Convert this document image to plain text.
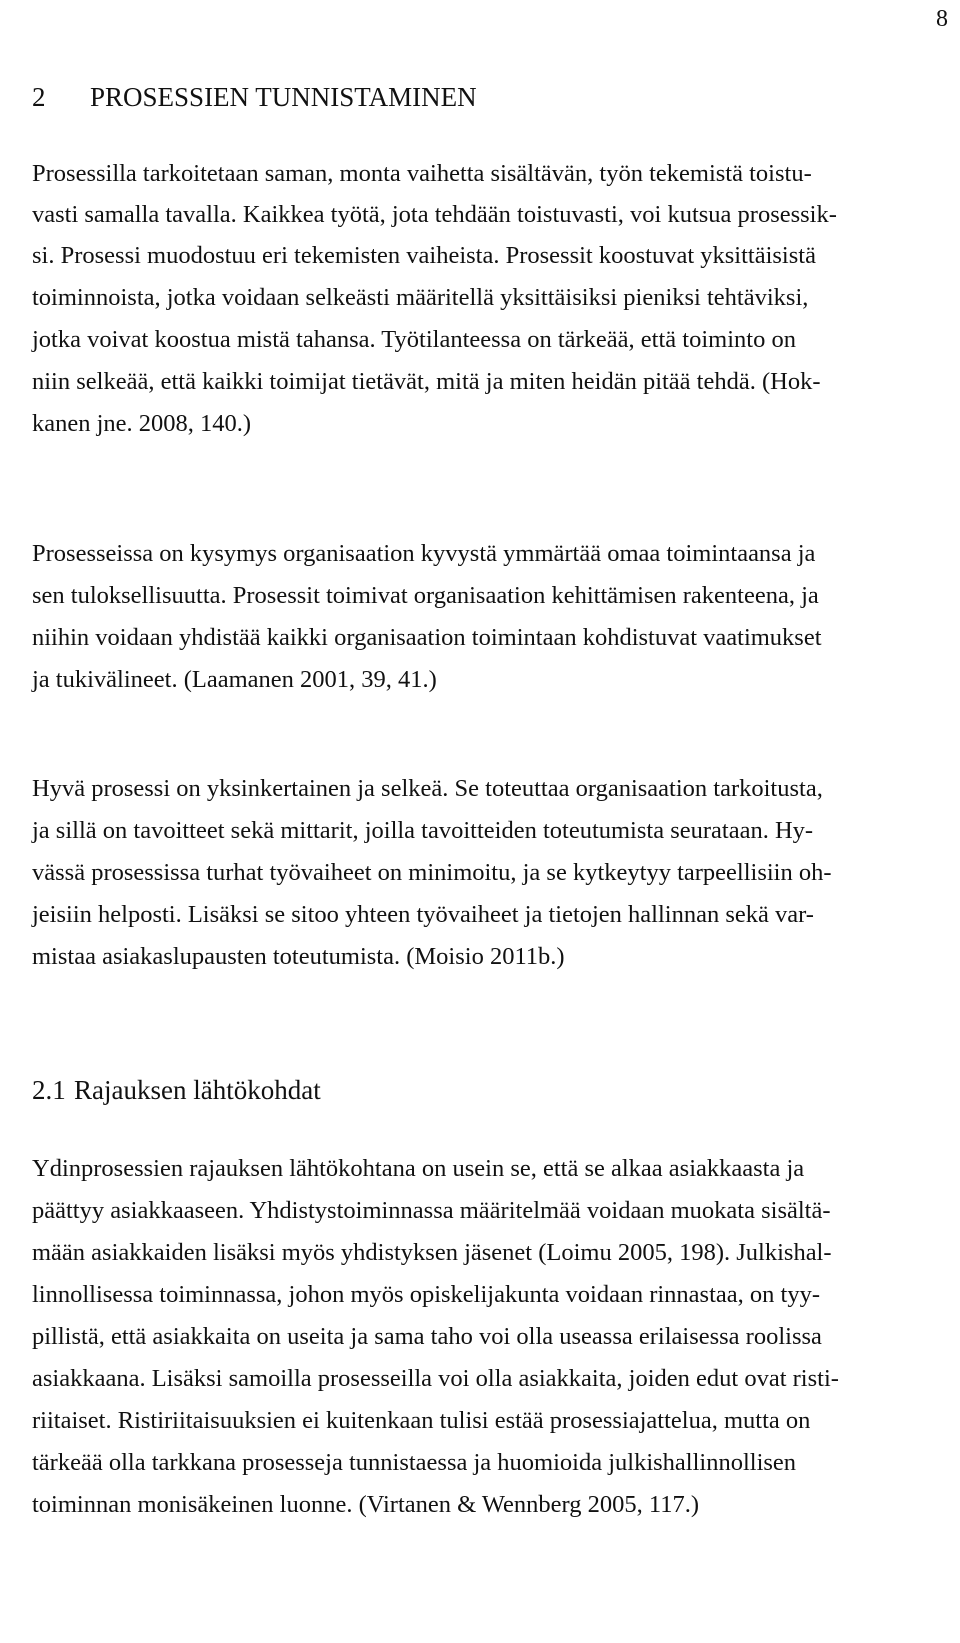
8
2 PROSESSIEN TUNNISTAMINEN
Prosessilla tarkoitetaan saman, monta vaihetta sisältävän, työn tekemistä toistu-
vasti samalla tavalla. Kaikkea työtä, jota tehdään toistuvasti, voi kutsua prosessik-
si. Prosessi muodostuu eri tekemisten vaiheista. Prosessit koostuvat yksittäisistä
toiminnoista, jotka voidaan selkeästi määritellä yksittäisiksi pieniksi tehtäviksi,
jotka voivat koostua mistä tahansa. Työtilanteessa on tärkeää, että toiminto on
niin selkeää, että kaikki toimijat tietävät, mitä ja miten heidän pitää tehdä. (Hok-
kanen jne. 2008, 140.)
Prosesseissa on kysymys organisaation kyvystä ymmärtää omaa toimintaansa ja
sen tuloksellisuutta. Prosessit toimivat organisaation kehittämisen rakenteena, ja
niihin voidaan yhdistää kaikki organisaation toimintaan kohdistuvat vaatimukset
ja tukivälineet. (Laamanen 2001, 39, 41.)
Hyvä prosessi on yksinkertainen ja selkeä. Se toteuttaa organisaation tarkoitusta,
ja sillä on tavoitteet sekä mittarit, joilla tavoitteiden toteutumista seurataan. Hy-
vässä prosessissa turhat työvaiheet on minimoitu, ja se kytkeytyy tarpeellisiin oh-
jeisiin helposti. Lisäksi se sitoo yhteen työvaiheet ja tietojen hallinnan sekä var-
mistaa asiakaslupausten toteutumista. (Moisio 2011b.)
2.1 Rajauksen lähtökohdat
Ydinprosessien rajauksen lähtökohtana on usein se, että se alkaa asiakkaasta ja
päättyy asiakkaaseen. Yhdistystoiminnassa määritelmää voidaan muokata sisältä-
mään asiakkaiden lisäksi myös yhdistyksen jäsenet (Loimu 2005, 198). Julkishal-
linnollisessa toiminnassa, johon myös opiskelijakunta voidaan rinnastaa, on tyy-
pillistä, että asiakkaita on useita ja sama taho voi olla useassa erilaisessa roolissa
asiakkaana. Lisäksi samoilla prosesseilla voi olla asiakkaita, joiden edut ovat risti-
riitaiset. Ristiriitaisuuksien ei kuitenkaan tulisi estää prosessiajattelua, mutta on
tärkeää olla tarkkana prosesseja tunnistaessa ja huomioida julkishallinnollisen
toiminnan monisäkeinen luonne. (Virtanen & Wennberg 2005, 117.)
